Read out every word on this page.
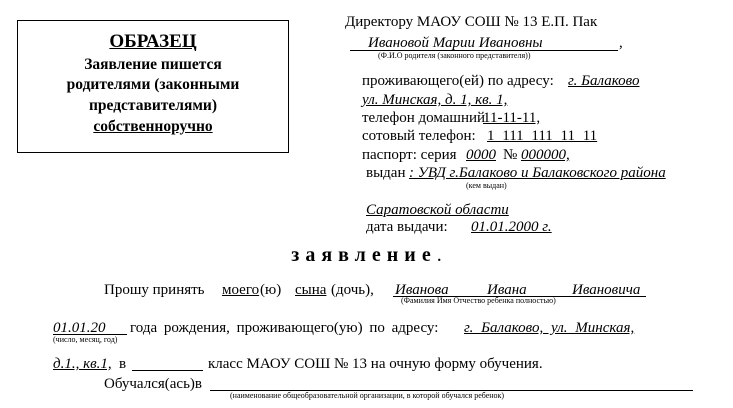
ОБРАЗЕЦ
Заявление пишется
родителями (законными
представителями)
собственноручно
Директору МАОУ СОШ № 13 Е.П. Пак
Ивановой Марии Ивановны	,
(Ф.И.О родителя (законного представителя))
проживающего(ей) по адресу: г. Балаково
ул. Минская, д. 1, кв. 1,
телефон домашний
11-11-11,
сотовый телефон: 1 111 111 11 11
паспорт: серия 0000 № 000000,
выдан : УВД г.Балаково и Балаковского района
(кем выдан)
Саратовской области
дата выдачи: 01.01.2000 г.
заявление.
Прошу принять моего (ю) сына (дочь), Иванова	Ивана	Ивановича
(Фамилия Имя Отчество ребенка полностью)
01.01.20 года рождения, проживающего(ую) по адресу: г. Балаково, ул. Минская,
(число, месяц, год)
д.1., кв.1, в	класс МАОУ СОШ № 13 на очную форму обучения.
Обучался(ась)в
(наименование общеобразовательной организации, в которой обучался ребенок)
